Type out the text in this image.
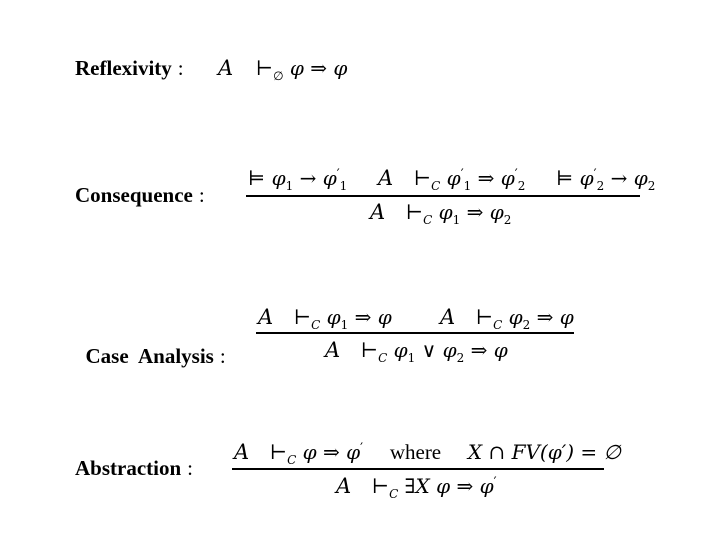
Reflexivity : A $⊢_\emptyset$ φ ⇒ φ
Consequence :
⊨ $\varphi_1 \to \varphi'_1$ A $⊢_C$ $\varphi'_1$ ⇒ $\varphi'_2$ ⊨ $\varphi'_2 \to \varphi_2$
A $⊢_C$ $\varphi_1$ ⇒ $\varphi_2$

Case  Analysis :

A $⊢_C$ $\varphi_1$ ⇒ φ A $⊢_C$ $\varphi_2$ ⇒ φ
A $⊢_C$ $\varphi_1$ ∨ $\varphi_2$ ⇒ φ
Abstraction :
A $⊢_C$ φ ⇒ φ′ where X ∩ FV(φ′) = ∅
A $⊢_C$ ∃X φ ⇒ φ′
